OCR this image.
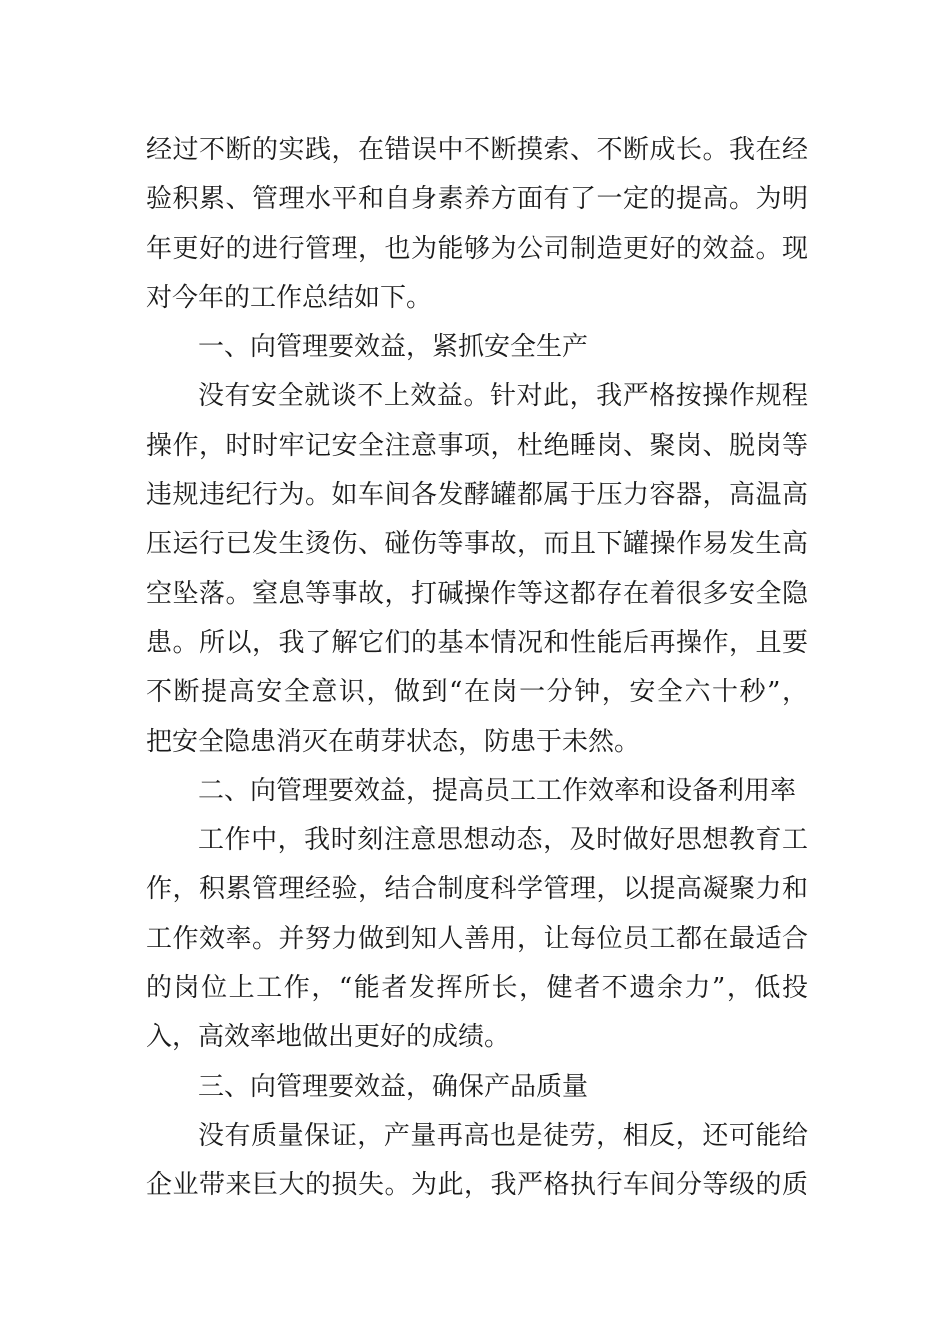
经过不断的实践，在错误中不断摸索、不断成长。我在经
验积累、管理水平和自身素养方面有了一定的提高。为明
年更好的进行管理，也为能够为公司制造更好的效益。现
对今年的工作总结如下。
一、向管理要效益，紧抓安全生产
没有安全就谈不上效益。针对此，我严格按操作规程
操作，时时牢记安全注意事项，杜绝睡岗、聚岗、脱岗等
违规违纪行为。如车间各发酵罐都属于压力容器，高温高
压运行已发生烫伤、碰伤等事故，而且下罐操作易发生高
空坠落。窒息等事故，打碱操作等这都存在着很多安全隐
患。所以，我了解它们的基本情况和性能后再操作，且要
不断提高安全意识，做到“在岗一分钟，安全六十秒”，
把安全隐患消灭在萌芽状态，防患于未然。
二、向管理要效益，提高员工工作效率和设备利用率
工作中，我时刻注意思想动态，及时做好思想教育工
作，积累管理经验，结合制度科学管理，以提高凝聚力和
工作效率。并努力做到知人善用，让每位员工都在最适合
的岗位上工作，“能者发挥所长，健者不遗余力”，低投
入，高效率地做出更好的成绩。
三、向管理要效益，确保产品质量
没有质量保证，产量再高也是徒劳，相反，还可能给
企业带来巨大的损失。为此，我严格执行车间分等级的质
